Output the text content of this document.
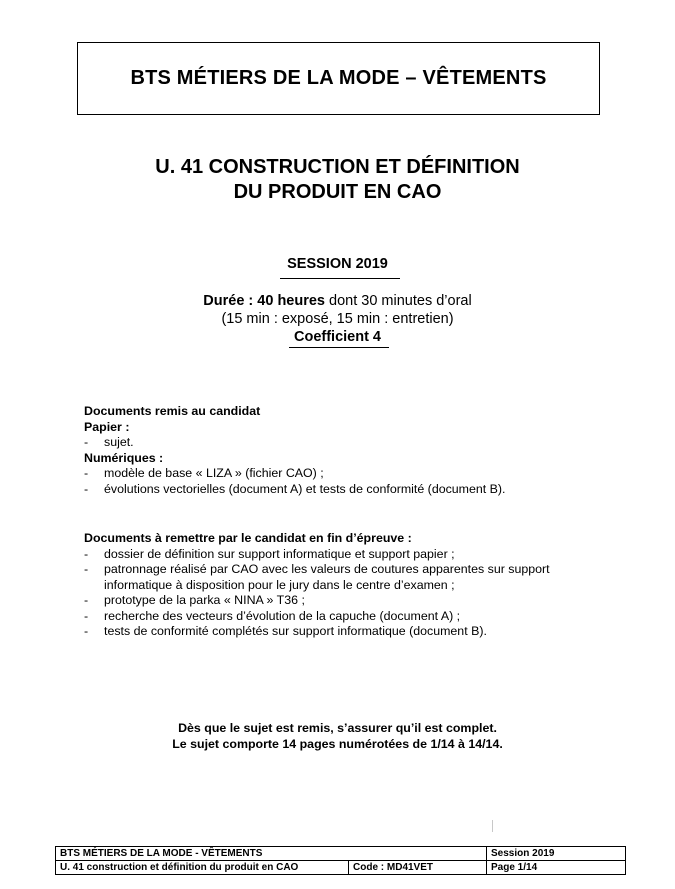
BTS MÉTIERS DE LA MODE – VÊTEMENTS
U. 41 CONSTRUCTION ET DÉFINITION
DU PRODUIT EN CAO
SESSION 2019
Durée : 40 heures dont 30 minutes d’oral
(15 min : exposé, 15 min : entretien)
Coefficient 4
Documents remis au candidat
Papier :
- sujet.
Numériques :
- modèle de base « LIZA » (fichier CAO) ;
- évolutions vectorielles (document A) et tests de conformité (document B).
Documents à remettre par le candidat en fin d’épreuve :
- dossier de définition sur support informatique et support papier ;
- patronnage réalisé par CAO avec les valeurs de coutures apparentes sur support informatique à disposition pour le jury dans le centre d’examen ;
- prototype de la parka « NINA » T36 ;
- recherche des vecteurs d’évolution de la capuche (document A) ;
- tests de conformité complétés sur support informatique (document B).
Dès que le sujet est remis, s’assurer qu’il est complet.
Le sujet comporte 14 pages numérotées de 1/14 à 14/14.
BTS MÉTIERS DE LA MODE - VÊTEMENTS		Session 2019
U. 41 construction et définition du produit en CAO	Code : MD41VET	Page 1/14
